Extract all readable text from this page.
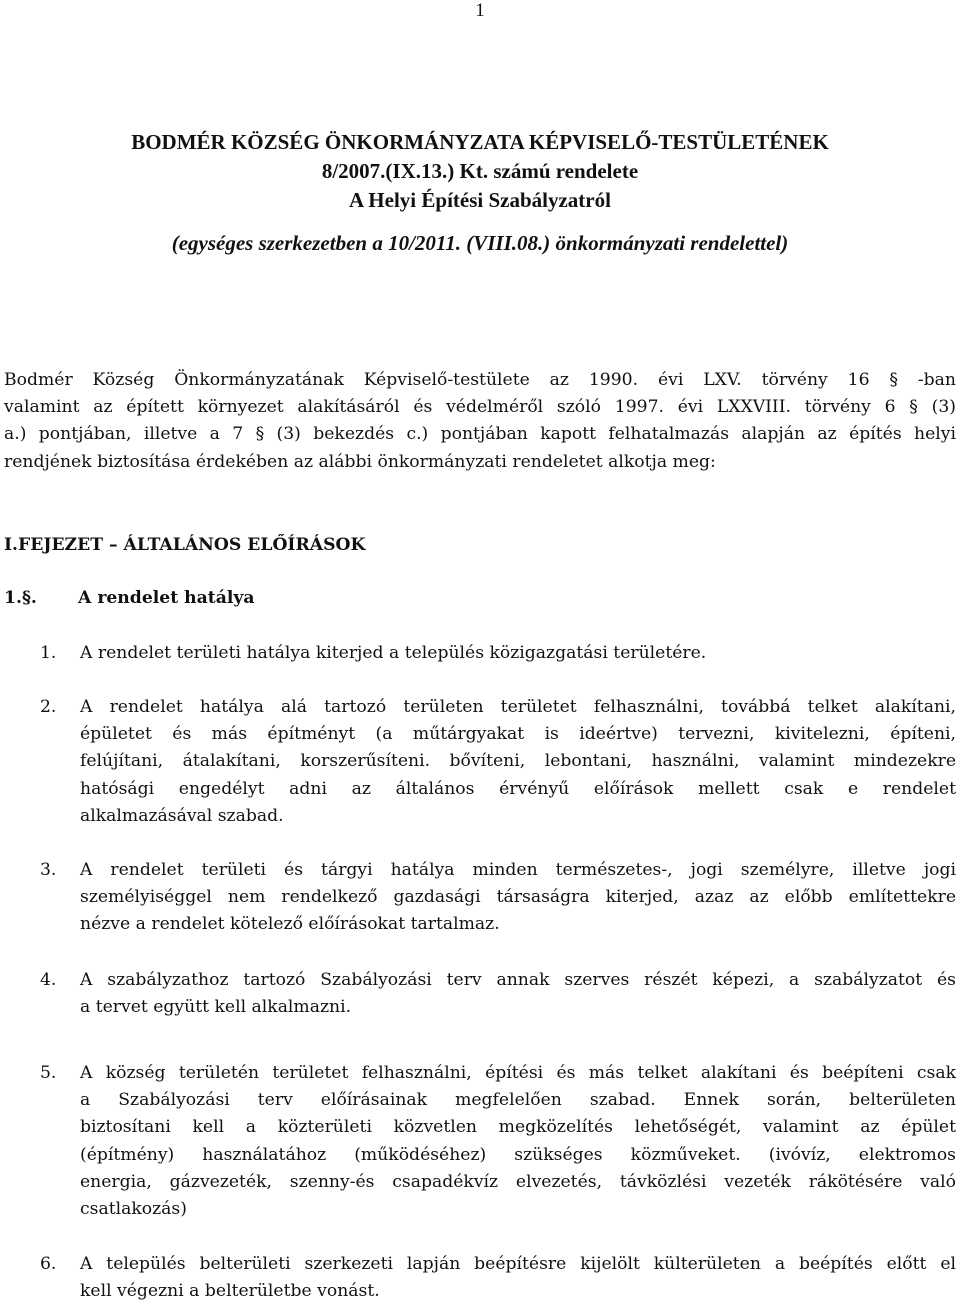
1
BODMÉR KÖZSÉG ÖNKORMÁNYZATA KÉPVISELŐ-TESTÜLETÉNEK
8/2007.(IX.13.) Kt. számú rendelete
A Helyi Építési Szabályzatról
(egységes szerkezetben a 10/2011. (VIII.08.) önkormányzati rendelettel)
Bodmér Község Önkormányzatának Képviselő-testülete az 1990. évi LXV. törvény 16 § -ban
valamint az épített környezet alakításáról és védelméről szóló 1997. évi LXXVIII. törvény 6 § (3)
a.) pontjában, illetve a 7 § (3) bekezdés c.) pontjában kapott felhatalmazás alapján az építés helyi
rendjének biztosítása érdekében az alábbi önkormányzati rendeletet alkotja meg:
I.FEJEZET – ÁLTALÁNOS ELŐÍRÁSOK
1.§. A rendelet hatálya
1.	A rendelet területi hatálya kiterjed a település közigazgatási területére.
2.	A rendelet hatálya alá tartozó területen területet felhasználni, továbbá telket alakítani,
épületet és más építményt (a műtárgyakat is ideértve) tervezni, kivitelezni, építeni,
felújítani, átalakítani, korszerűsíteni. bővíteni, lebontani, használni, valamint mindezekre
hatósági engedélyt adni az általános érvényű előírások mellett csak e rendelet
alkalmazásával szabad.
3.	A rendelet területi és tárgyi hatálya minden természetes-, jogi személyre, illetve jogi
személyiséggel nem rendelkező gazdasági társaságra kiterjed, azaz az előbb említettekre
nézve a rendelet kötelező előírásokat tartalmaz.
4.	A szabályzathoz tartozó Szabályozási terv annak szerves részét képezi, a szabályzatot és
a tervet együtt kell alkalmazni.
5.	A község területén területet felhasználni, építési és más telket alakítani és beépíteni csak
a Szabályozási terv előírásainak megfelelően szabad. Ennek során, belterületen
biztosítani kell a közterületi közvetlen megközelítés lehetőségét, valamint az épület
(építmény) használatához (működéséhez) szükséges közműveket. (ivóvíz, elektromos
energia, gázvezeték, szenny-és csapadékvíz elvezetés, távközlési vezeték rákötésére való
csatlakozás)
6.	A település belterületi szerkezeti lapján beépítésre kijelölt külterületen a beépítés előtt el
kell végezni a belterületbe vonást.
